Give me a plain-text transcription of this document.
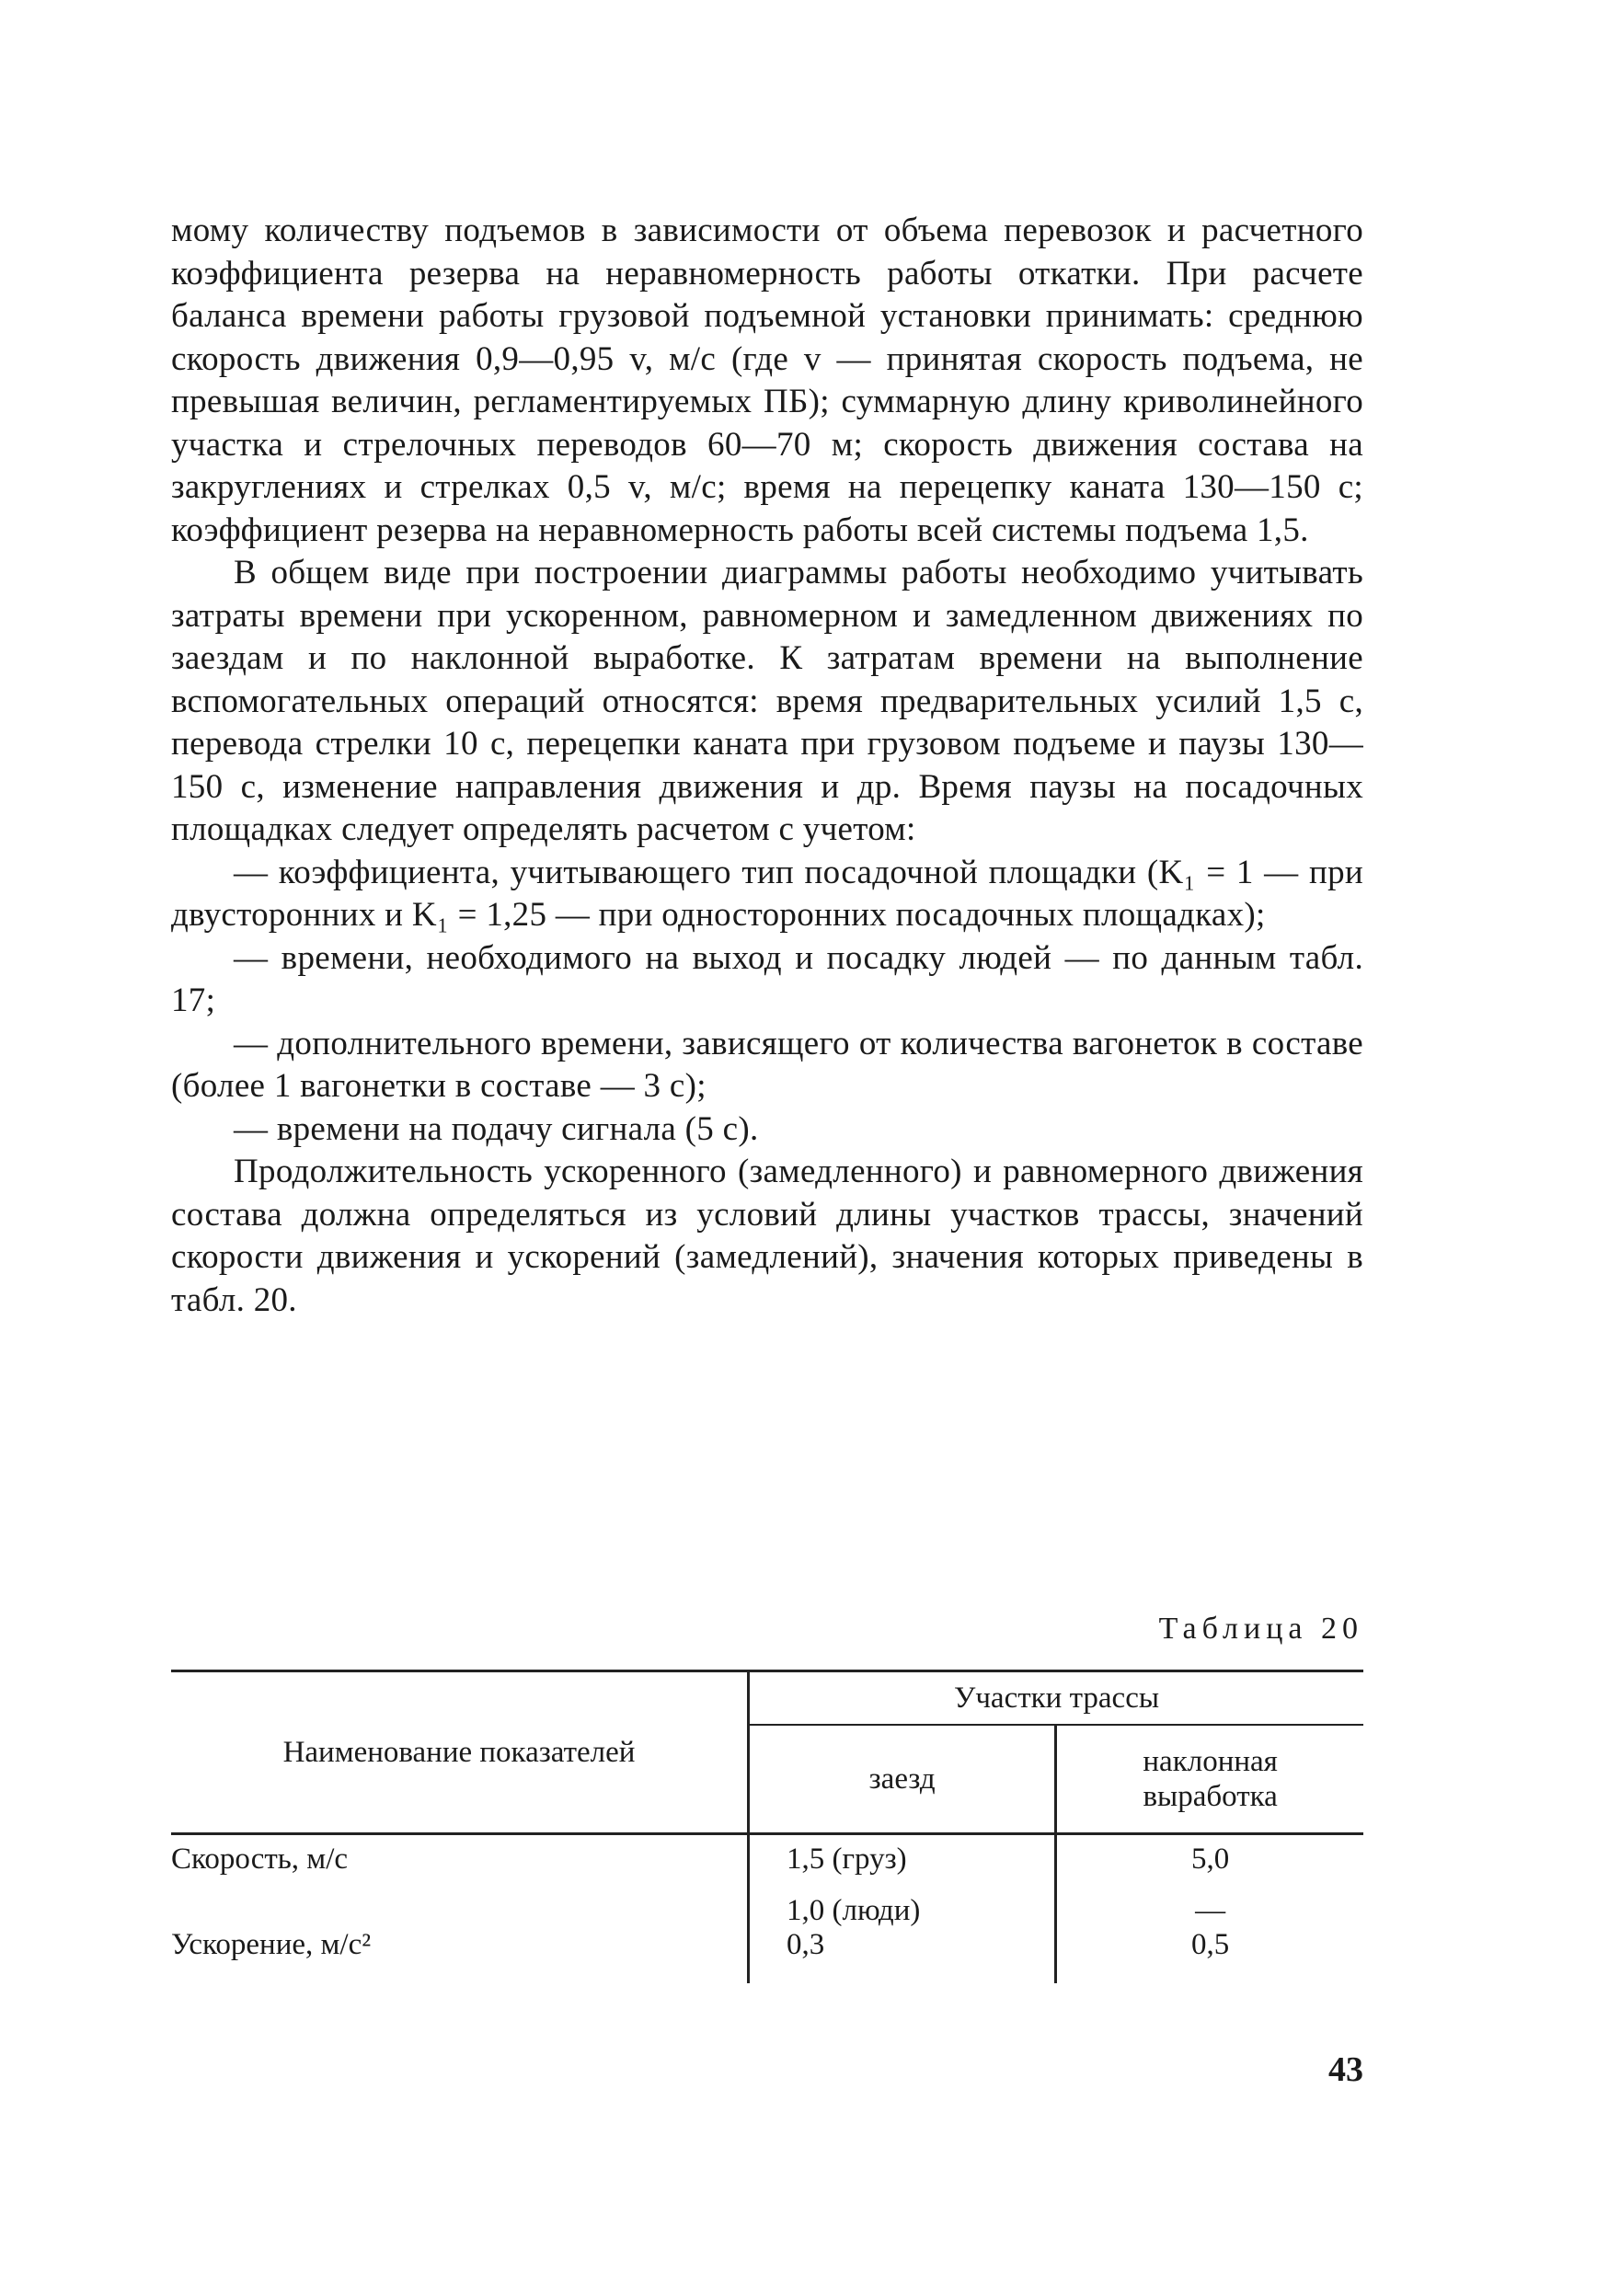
мому количеству подъемов в зависимости от объема перевозок и расчетного коэффициента резерва на неравномерность работы откатки. При расчете баланса времени работы грузовой подъемной установки принимать: среднюю скорость движения 0,9—0,95 v, м/с (где v — принятая скорость подъема, не превышая величин, регламентируемых ПБ); суммарную длину криволинейного участка и стрелочных переводов 60—70 м; скорость движения состава на закруглениях и стрелках 0,5 v, м/с; время на перецепку каната 130—150 с; коэффициент резерва на неравномерность работы всей системы подъема 1,5.

В общем виде при построении диаграммы работы необходимо учитывать затраты времени при ускоренном, равномерном и замедленном движениях по заездам и по наклонной выработке. К затратам времени на выполнение вспомогательных операций относятся: время предварительных усилий 1,5 с, перевода стрелки 10 с, перецепки каната при грузовом подъеме и паузы 130—150 с, изменение направления движения и др. Время паузы на посадочных площадках следует определять расчетом с учетом:

— коэффициента, учитывающего тип посадочной площадки (K₁ = 1 — при двусторонних и K₁ = 1,25 — при односторонних посадочных площадках);

— времени, необходимого на выход и посадку людей — по данным табл. 17;

— дополнительного времени, зависящего от количества вагонеток в составе (более 1 вагонетки в составе — 3 с);

— времени на подачу сигнала (5 с).

Продолжительность ускоренного (замедленного) и равномерного движения состава должна определяться из условий длины участков трассы, значений скорости движения и ускорений (замедлений), значения которых приведены в табл. 20.

Таблица 20
Наименование показателей	Участки трассы	
	заезд	наклонная
выработка
Скорость, м/с	1,5 (груз)	5,0
	1,0 (люди)	—
Ускорение, м/с²	0,3	0,5
43
